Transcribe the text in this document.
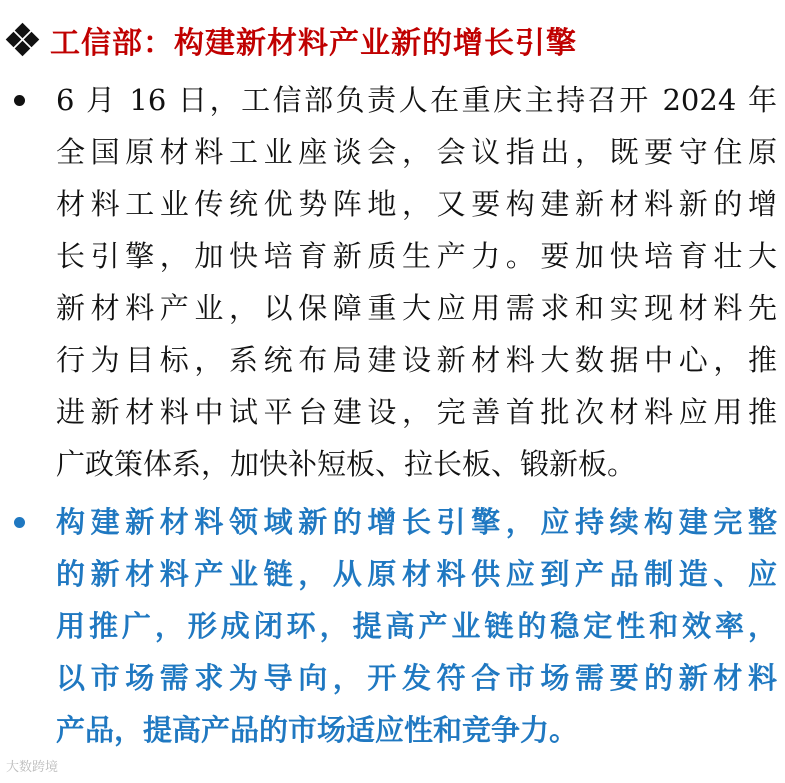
工信部：构建新材料产业新的增长引擎
6 月 16 日，工信部负责人在重庆主持召开 2024 年
全国原材料工业座谈会，会议指出，既要守住原
材料工业传统优势阵地，又要构建新材料新的增
长引擎，加快培育新质生产力。要加快培育壮大
新材料产业，以保障重大应用需求和实现材料先
行为目标，系统布局建设新材料大数据中心，推
进新材料中试平台建设，完善首批次材料应用推
广政策体系，加快补短板、拉长板、锻新板。
构建新材料领域新的增长引擎，应持续构建完整
的新材料产业链，从原材料供应到产品制造、应
用推广，形成闭环，提高产业链的稳定性和效率，
以市场需求为导向，开发符合市场需要的新材料
产品，提高产品的市场适应性和竞争力。
大数跨境
